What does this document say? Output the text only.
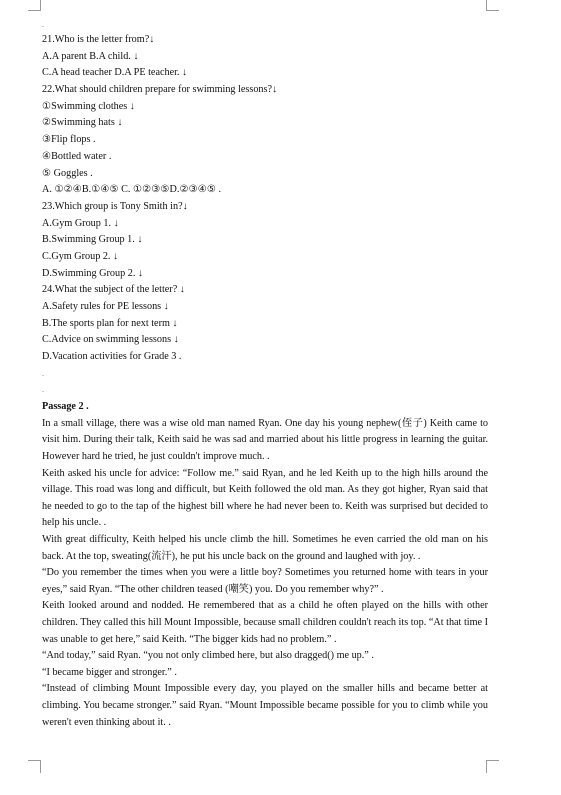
.
21.Who is the letter from?↓
A.A parent B.A child. ↓
C.A head teacher D.A PE teacher. ↓
22.What should children prepare for swimming lessons?↓
①Swimming clothes ↓
②Swimming hats ↓
③Flip flops .
④Bottled water .
⑤ Goggles .
A. ①②④B.①④⑤ C. ①②③⑤D.②③④⑤ .
23.Which group is Tony Smith in?↓
A.Gym Group 1. ↓
B.Swimming Group 1. ↓
C.Gym Group 2. ↓
D.Swimming Group 2. ↓
24.What the subject of the letter? ↓
A.Safety rules for PE lessons ↓
B.The sports plan for next term ↓
C.Advice on swimming lessons ↓
D.Vacation activities for Grade 3 .
.
.
Passage 2 .
In a small village, there was a wise old man named Ryan. One day his young nephew(侄子) Keith came to visit him. During their talk, Keith said he was sad and married about his little progress in learning the guitar. However hard he tried, he just couldn't improve much. .
Keith asked his uncle for advice: “Follow me.” said Ryan, and he led Keith up to the high hills around the village. This road was long and difficult, but Keith followed the old man. As they got higher, Ryan said that he needed to go to the tap of the highest bill where he had never been to. Keith was surprised but decided to help his uncle. .
With great difficulty, Keith helped his uncle climb the hill. Sometimes he even carried the old man on his back. At the top, sweating(流汗), he put his uncle back on the ground and laughed with joy. .
“Do you remember the times when you were a little boy? Sometimes you returned home with tears in your eyes,” said Ryan. “The other children teased (嘲笑) you. Do you remember why?” .
Keith looked around and nodded. He remembered that as a child he often played on the hills with other children. They called this hill Mount Impossible, because small children couldn't reach its top. “At that time I was unable to get here,” said Keith. “The bigger kids had no problem.” .
“And today,” said Ryan. “you not only climbed here, but also dragged() me up.” .
“I became bigger and stronger.” .
“Instead of climbing Mount Impossible every day, you played on the smaller hills and became better at climbing. You became stronger.” said Ryan. “Mount Impossible became possible for you to climb while you weren't even thinking about it. .
